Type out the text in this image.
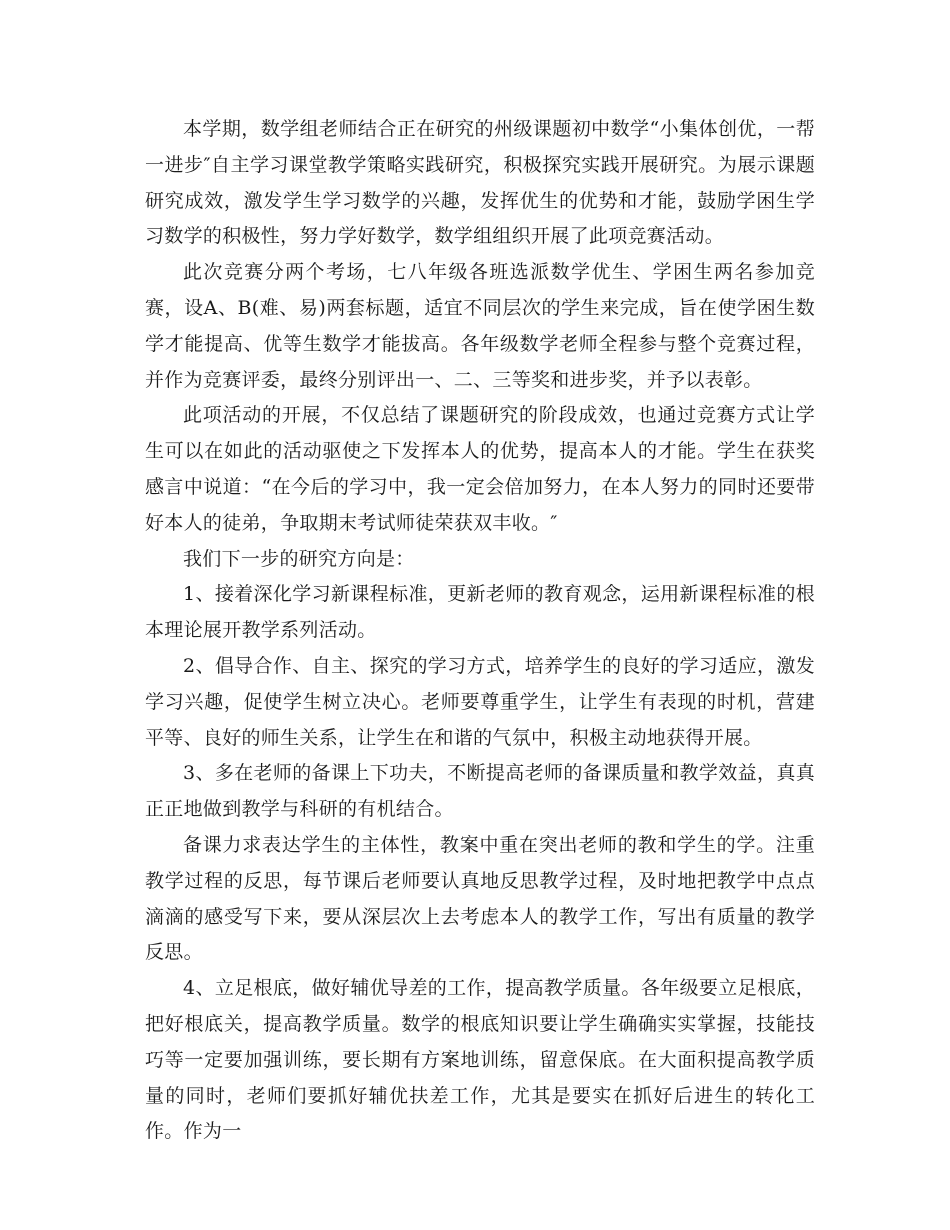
本学期，数学组老师结合正在研究的州级课题初中数学“小集体创优，一帮一进步″自主学习课堂教学策略实践研究，积极探究实践开展研究。为展示课题研究成效，激发学生学习数学的兴趣，发挥优生的优势和才能，鼓励学困生学习数学的积极性，努力学好数学，数学组组织开展了此项竞赛活动。

此次竞赛分两个考场，七八年级各班选派数学优生、学困生两名参加竞赛，设A、B(难、易)两套标题，适宜不同层次的学生来完成，旨在使学困生数学才能提高、优等生数学才能拔高。各年级数学老师全程参与整个竞赛过程，并作为竞赛评委，最终分别评出一、二、三等奖和进步奖，并予以表彰。

此项活动的开展，不仅总结了课题研究的阶段成效，也通过竞赛方式让学生可以在如此的活动驱使之下发挥本人的优势，提高本人的才能。学生在获奖感言中说道：“在今后的学习中，我一定会倍加努力，在本人努力的同时还要带好本人的徒弟，争取期末考试师徒荣获双丰收。″

我们下一步的研究方向是：

1、接着深化学习新课程标准，更新老师的教育观念，运用新课程标准的根本理论展开教学系列活动。

2、倡导合作、自主、探究的学习方式，培养学生的良好的学习适应，激发学习兴趣，促使学生树立决心。老师要尊重学生，让学生有表现的时机，营建平等、良好的师生关系，让学生在和谐的气氛中，积极主动地获得开展。

3、多在老师的备课上下功夫，不断提高老师的备课质量和教学效益，真真正正地做到教学与科研的有机结合。

备课力求表达学生的主体性，教案中重在突出老师的教和学生的学。注重教学过程的反思，每节课后老师要认真地反思教学过程，及时地把教学中点点滴滴的感受写下来，要从深层次上去考虑本人的教学工作，写出有质量的教学反思。

4、立足根底，做好辅优导差的工作，提高教学质量。各年级要立足根底，把好根底关，提高教学质量。数学的根底知识要让学生确确实实掌握，技能技巧等一定要加强训练，要长期有方案地训练，留意保底。在大面积提高教学质量的同时，老师们要抓好辅优扶差工作，尤其是要实在抓好后进生的转化工作。作为一
